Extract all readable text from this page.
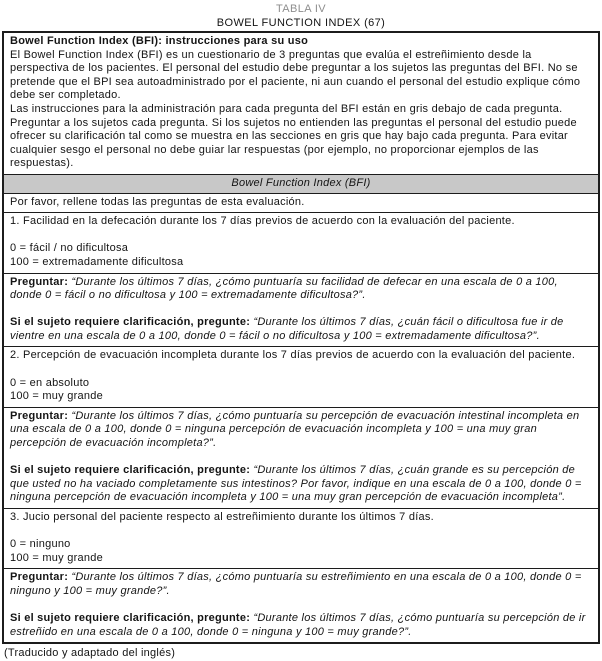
TABLA IV
BOWEL FUNCTION INDEX (67)

Bowel Function Index (BFI): instrucciones para su uso

El Bowel Function Index (BFI) es un cuestionario de 3 preguntas que evalúa el estreñimiento desde la perspectiva de los pacientes. El personal del estudio debe preguntar a los sujetos las preguntas del BFI. No se pretende que el BPI sea autoadministrado por el paciente, ni aun cuando el personal del estudio explique cómo debe ser completado.

Las instrucciones para la administración para cada pregunta del BFI están en gris debajo de cada pregunta. Preguntar a los sujetos cada pregunta. Si los sujetos no entienden las preguntas el personal del estudio puede ofrecer su clarificación tal como se muestra en las secciones en gris que hay bajo cada pregunta. Para evitar cualquier sesgo el personal no debe guiar lar respuestas (por ejemplo, no proporcionar ejemplos de las respuestas).

Bowel Function Index (BFI)

Por favor, rellene todas las preguntas de esta evaluación.

1. Facilidad en la defecación durante los 7 días previos de acuerdo con la evaluación del paciente.

0 = fácil / no dificultosa

100 = extremadamente dificultosa

Preguntar: “Durante los últimos 7 días, ¿cómo puntuaría su facilidad de defecar en una escala de 0 a 100, donde 0 = fácil o no dificultosa y 100 = extremadamente dificultosa?”.

Si el sujeto requiere clarificación, pregunte: “Durante los últimos 7 días, ¿cuán fácil o dificultosa fue ir de vientre en una escala de 0 a 100, donde 0 = fácil o no dificultosa y 100 = extremadamente dificultosa?”.

2. Percepción de evacuación incompleta durante los 7 días previos de acuerdo con la evaluación del paciente.

0 = en absoluto

100 = muy grande

Preguntar: “Durante los últimos 7 días, ¿cómo puntuaría su percepción de evacuación intestinal incompleta en una escala de 0 a 100, donde 0 = ninguna percepción de evacuación incompleta y 100 = una muy gran percepción de evacuación incompleta?”.

Si el sujeto requiere clarificación, pregunte: “Durante los últimos 7 días, ¿cuán grande es su percepción de que usted no ha vaciado completamente sus intestinos? Por favor, indique en una escala de 0 a 100, donde 0 = ninguna percepción de evacuación incompleta y 100 = una muy gran percepción de evacuación incompleta”.

3. Jucio personal del paciente respecto al estreñimiento durante los últimos 7 días.

0 = ninguno

100 = muy grande

Preguntar: “Durante los últimos 7 días, ¿cómo puntuaría su estreñimiento en una escala de 0 a 100, donde 0 = ninguno y 100 = muy grande?”.

Si el sujeto requiere clarificación, pregunte: “Durante los últimos 7 días, ¿cómo puntuaría su percepción de ir estreñido en una escala de 0 a 100, donde 0 = ninguna y 100 = muy grande?”.

(Traducido y adaptado del inglés)
